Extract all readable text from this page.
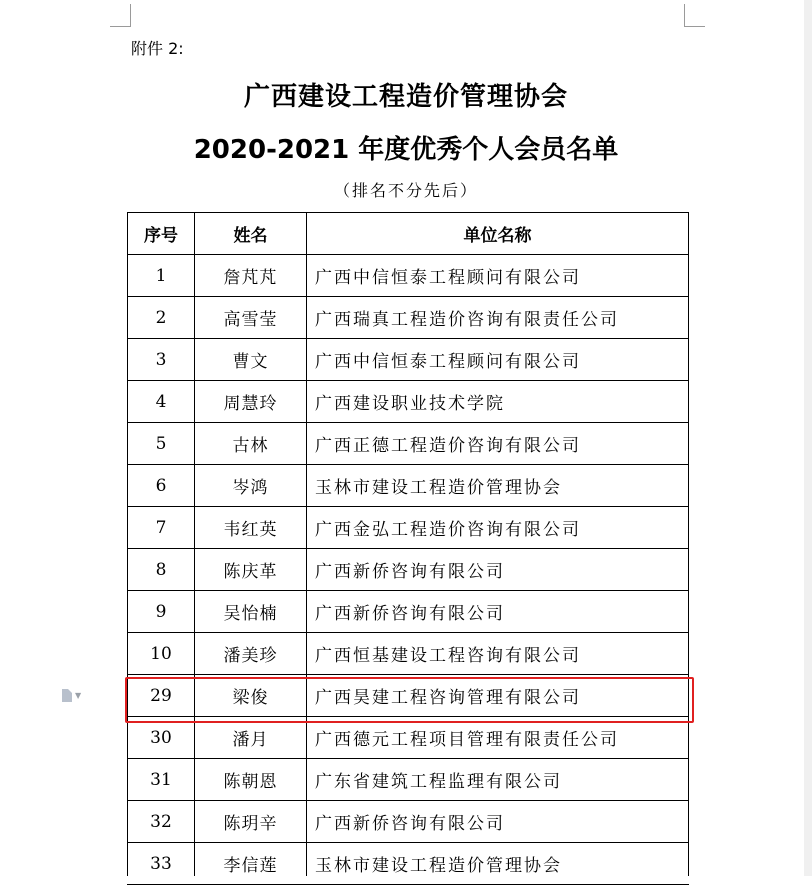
附件 2:
广西建设工程造价管理协会
2020-2021 年度优秀个人会员名单
（排名不分先后）
序号	姓名	单位名称
1	詹芃芃	广西中信恒泰工程顾问有限公司
2	高雪莹	广西瑞真工程造价咨询有限责任公司
3	曹文	广西中信恒泰工程顾问有限公司
4	周慧玲	广西建设职业技术学院
5	古林	广西正德工程造价咨询有限公司
6	岑鸿	玉林市建设工程造价管理协会
7	韦红英	广西金弘工程造价咨询有限公司
8	陈庆革	广西新侨咨询有限公司
9	吴怡楠	广西新侨咨询有限公司
10	潘美珍	广西恒基建设工程咨询有限公司
29	梁俊	广西昊建工程咨询管理有限公司
30	潘月	广西德元工程项目管理有限责任公司
31	陈朝恩	广东省建筑工程监理有限公司
32	陈玥辛	广西新侨咨询有限公司
33	李信莲	玉林市建设工程造价管理协会
▼
